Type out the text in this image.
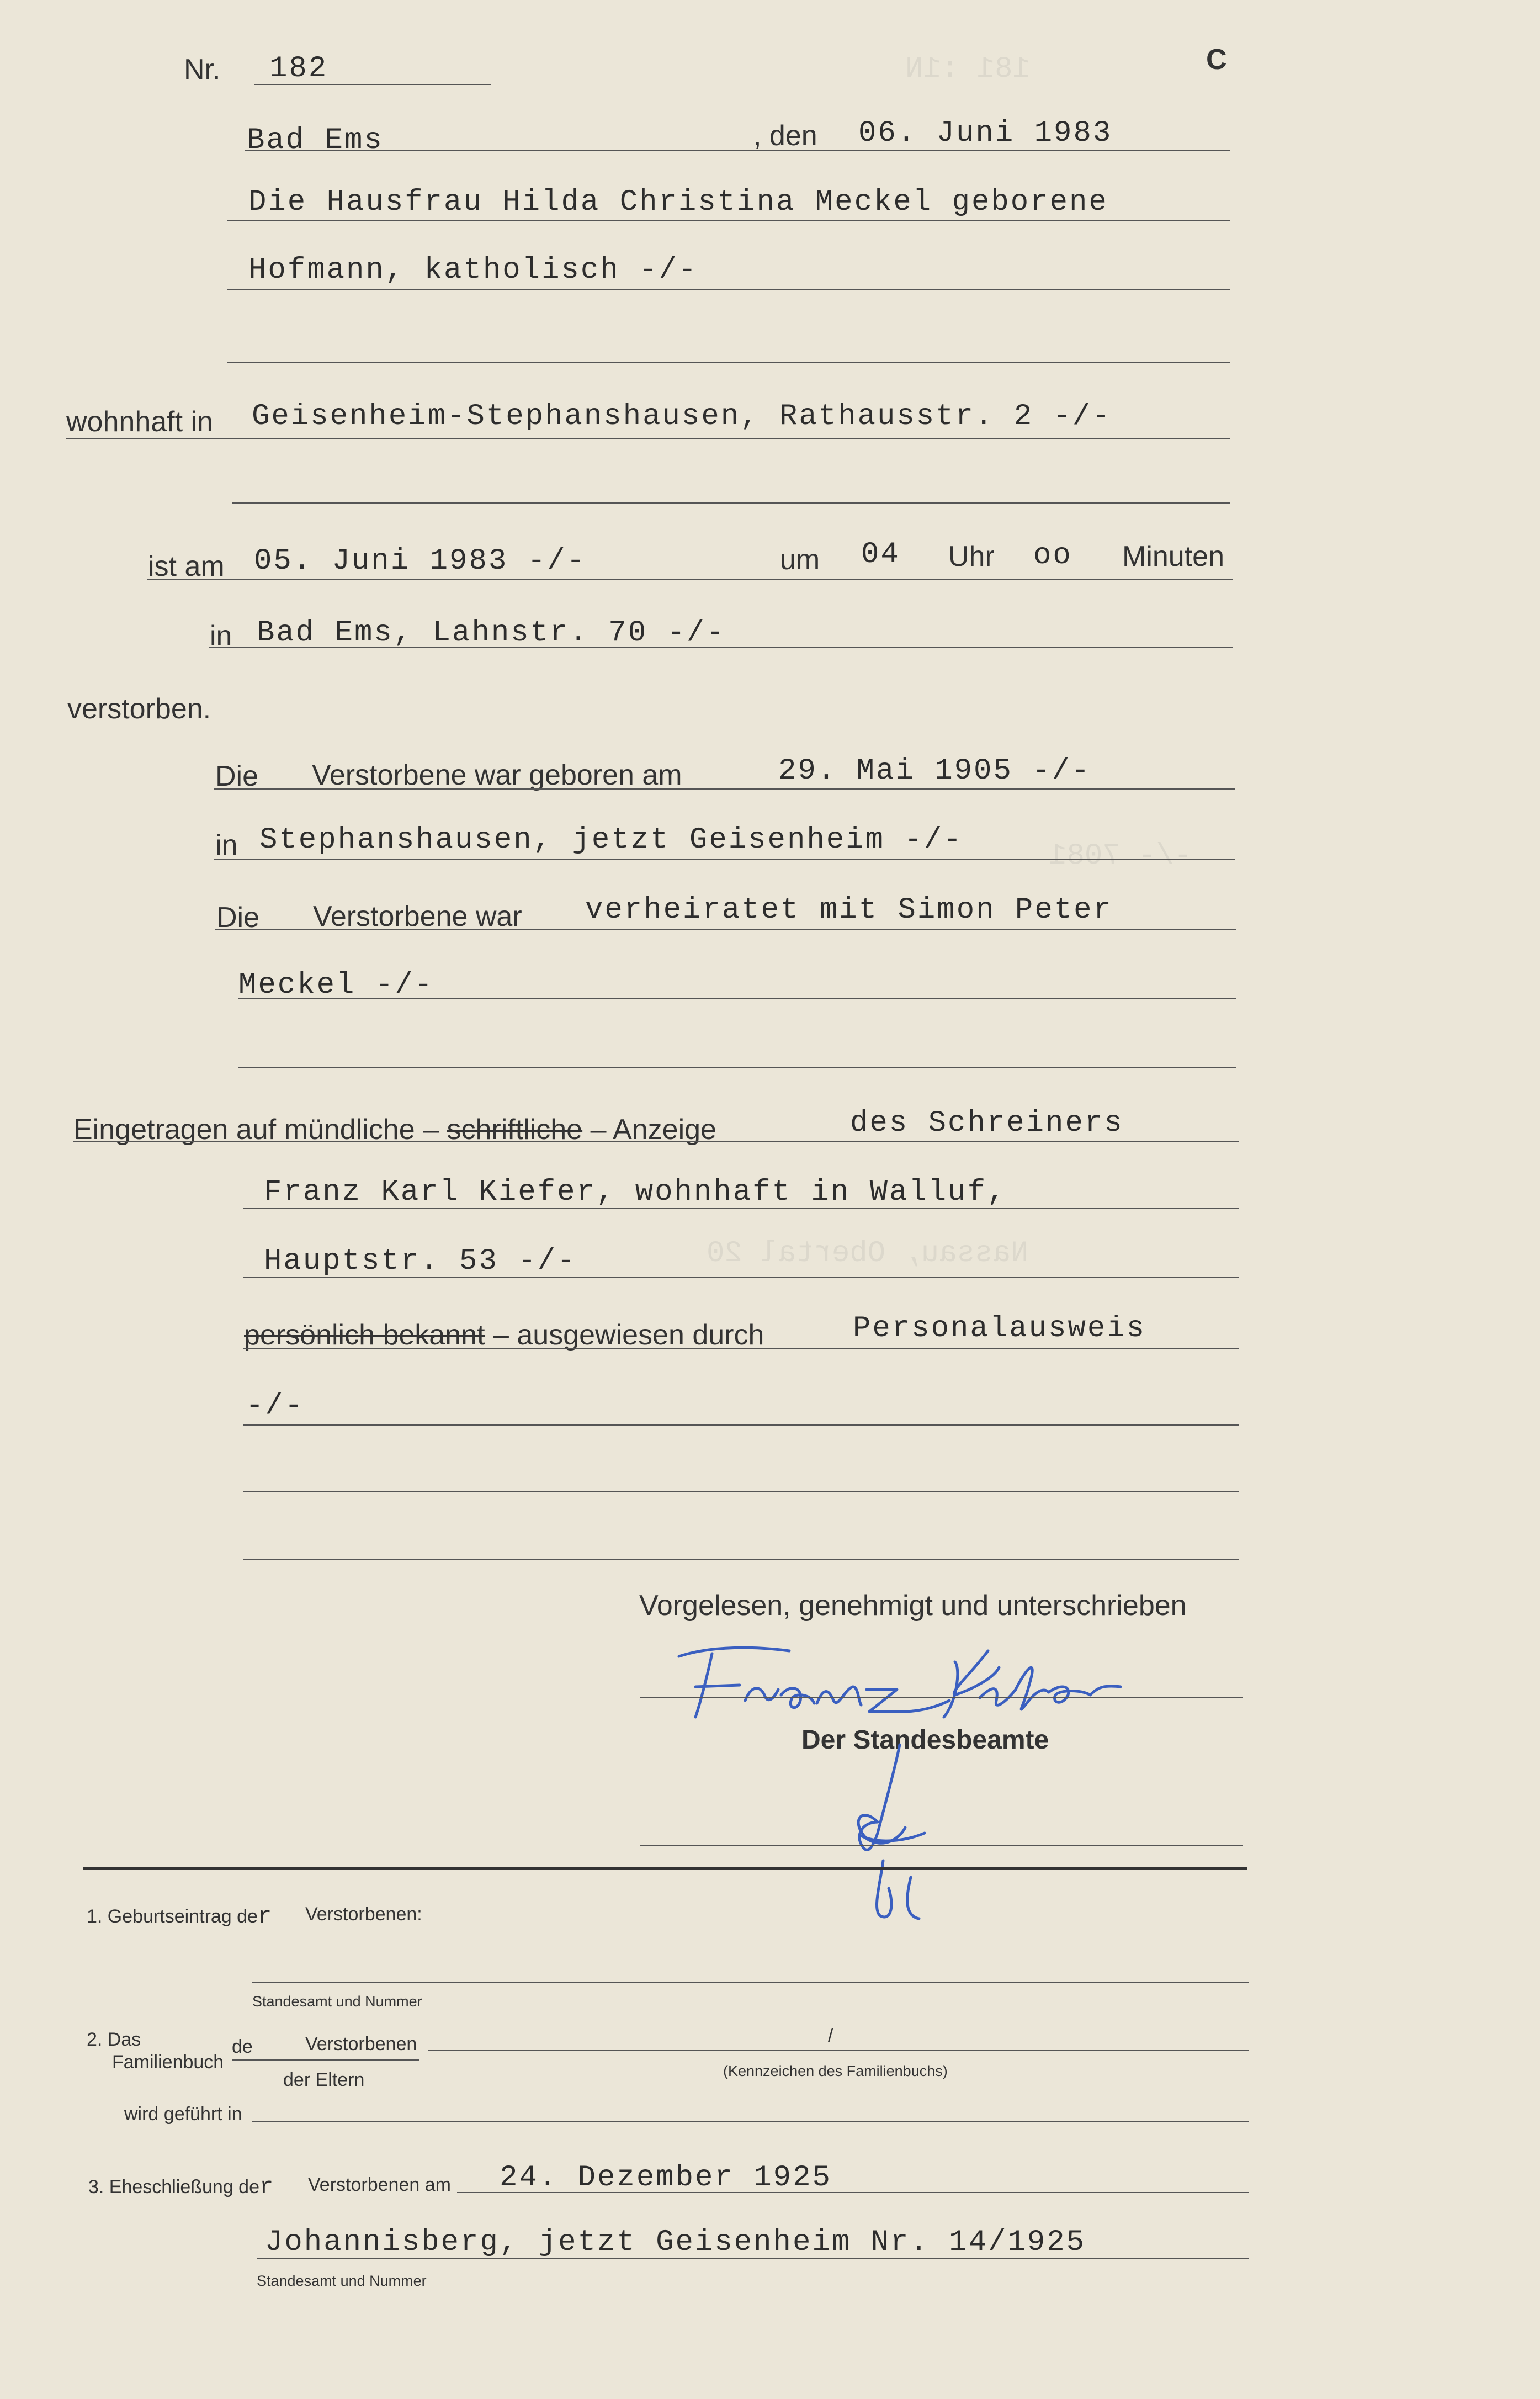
181 :1N
-/- 7081
Nassau, Obertal 20
Nr. 182	C
Bad Ems	, den 06. Juni 1983
Die Hausfrau Hilda Christina Meckel geborene
Hofmann, katholisch -/-
wohnhaft in Geisenheim-Stephanshausen, Rathausstr. 2 -/-
ist am 05. Juni 1983 -/-	um 04 Uhr oo Minuten
in Bad Ems, Lahnstr. 70 -/-
verstorben.
Die Verstorbene war geboren am	29. Mai 1905 -/-
in Stephanshausen, jetzt Geisenheim -/-
Die Verstorbene war verheiratet mit Simon Peter
Meckel -/-
Eingetragen auf mündliche – schriftliche – Anzeige	des Schreiners
Franz Karl Kiefer, wohnhaft in Walluf,
Hauptstr. 53 -/-
persönlich bekannt – ausgewiesen durch	Personalausweis
-/-
Vorgelesen, genehmigt und unterschrieben
Der Standesbeamte
1. Geburtseintrag der Verstorbenen:
Standesamt und Nummer
2. Das
Familienbuch
de	Verstorbenen
der Eltern
/
(Kennzeichen des Familienbuchs)
wird geführt in
3. Eheschließung der Verstorbenen am 24. Dezember 1925
Johannisberg, jetzt Geisenheim Nr. 14/1925
Standesamt und Nummer
